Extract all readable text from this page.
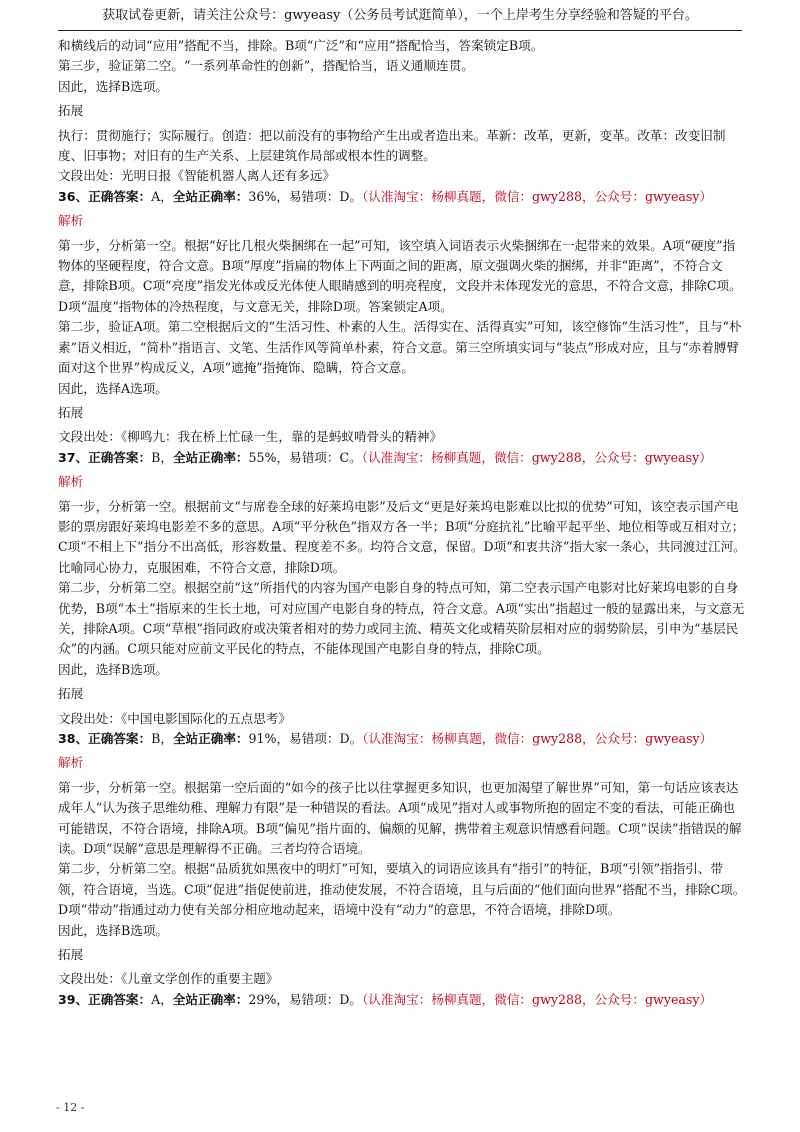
获取试卷更新，请关注公众号：gwyeasy（公务员考试逛简单），一个上岸考生分享经验和答疑的平台。

和横线后的动词“应用”搭配不当，排除。B项“广泛”和“应用”搭配恰当，答案锁定B项。

第三步，验证第二空。“一系列革命性的创新”，搭配恰当，语义通顺连贯。

因此，选择B选项。

拓展

执行：贯彻施行；实际履行。创造：把以前没有的事物给产生出或者造出来。革新：改革，更新，变革。改革：改变旧制度、旧事物；对旧有的生产关系、上层建筑作局部或根本性的调整。

文段出处：光明日报《智能机器人离人还有多远》

36、正确答案：A，全站正确率：36%，易错项：D。（认准淘宝：杨柳真题，微信：gwy288，公众号：gwyeasy）

解析

第一步，分析第一空。根据“好比几根火柴捆绑在一起”可知，该空填入词语表示火柴捆绑在一起带来的效果。A项“硬度”指物体的坚硬程度，符合文意。B项“厚度”指扁的物体上下两面之间的距离，原文强调火柴的捆绑，并非“距离”，不符合文意，排除B项。C项“亮度”指发光体或反光体使人眼睛感到的明亮程度，文段并未体现发光的意思，不符合文意，排除C项。D项“温度”指物体的冷热程度，与文意无关，排除D项。答案锁定A项。

第二步，验证A项。第二空根据后文的“生活习性、朴素的人生。活得实在、活得真实”可知，该空修饰“生活习性”，且与“朴素”语义相近，“简朴”指语言、文笔、生活作风等简单朴素，符合文意。第三空所填实词与“装点”形成对应，且与“赤着膊臂面对这个世界”构成反义，A项“遮掩”指掩饰、隐瞒，符合文意。

因此，选择A选项。

拓展

文段出处：《柳鸣九：我在桥上忙碌一生，靠的是蚂蚁啃骨头的精神》

37、正确答案：B，全站正确率：55%，易错项：C。（认准淘宝：杨柳真题，微信：gwy288，公众号：gwyeasy）

解析

第一步，分析第一空。根据前文“与席卷全球的好莱坞电影”及后文“更是好莱坞电影难以比拟的优势”可知，该空表示国产电影的票房跟好莱坞电影差不多的意思。A项“平分秋色”指双方各一半；B项“分庭抗礼”比喻平起平坐、地位相等或互相对立；C项“不相上下”指分不出高低，形容数量、程度差不多。均符合文意，保留。D项“和衷共济”指大家一条心，共同渡过江河。比喻同心协力，克服困难，不符合文意，排除D项。

第二步，分析第二空。根据空前“这”所指代的内容为国产电影自身的特点可知，第二空表示国产电影对比好莱坞电影的自身优势，B项“本土”指原来的生长土地，可对应国产电影自身的特点，符合文意。A项“实出”指超过一般的显露出来，与文意无关，排除A项。C项“草根”指同政府或决策者相对的势力或同主流、精英文化或精英阶层相对应的弱势阶层，引申为“基层民众”的内涵。C项只能对应前文平民化的特点，不能体现国产电影自身的特点，排除C项。

因此，选择B选项。

拓展

文段出处：《中国电影国际化的五点思考》

38、正确答案：B，全站正确率：91%，易错项：D。（认准淘宝：杨柳真题，微信：gwy288，公众号：gwyeasy）

解析

第一步，分析第一空。根据第一空后面的“如今的孩子比以往掌握更多知识，也更加渴望了解世界”可知，第一句话应该表达成年人“认为孩子思维幼稚、理解力有限”是一种错误的看法。A项“成见”指对人或事物所抱的固定不变的看法，可能正确也可能错误，不符合语境，排除A项。B项“偏见”指片面的、偏颇的见解，携带着主观意识情感看问题。C项“误读”指错误的解读。D项“误解”意思是理解得不正确。三者均符合语境。

第二步，分析第二空。根据“品质犹如黑夜中的明灯”可知，要填入的词语应该具有“指引”的特征，B项“引领”指指引、带领，符合语境，当选。C项“促进”指促使前进，推动使发展，不符合语境，且与后面的“他们面向世界”搭配不当，排除C项。D项“带动”指通过动力使有关部分相应地动起来，语境中没有“动力”的意思，不符合语境，排除D项。

因此，选择B选项。

拓展

文段出处：《儿童文学创作的重要主题》

39、正确答案：A，全站正确率：29%，易错项：D。（认准淘宝：杨柳真题，微信：gwy288，公众号：gwyeasy）

- 12 -
